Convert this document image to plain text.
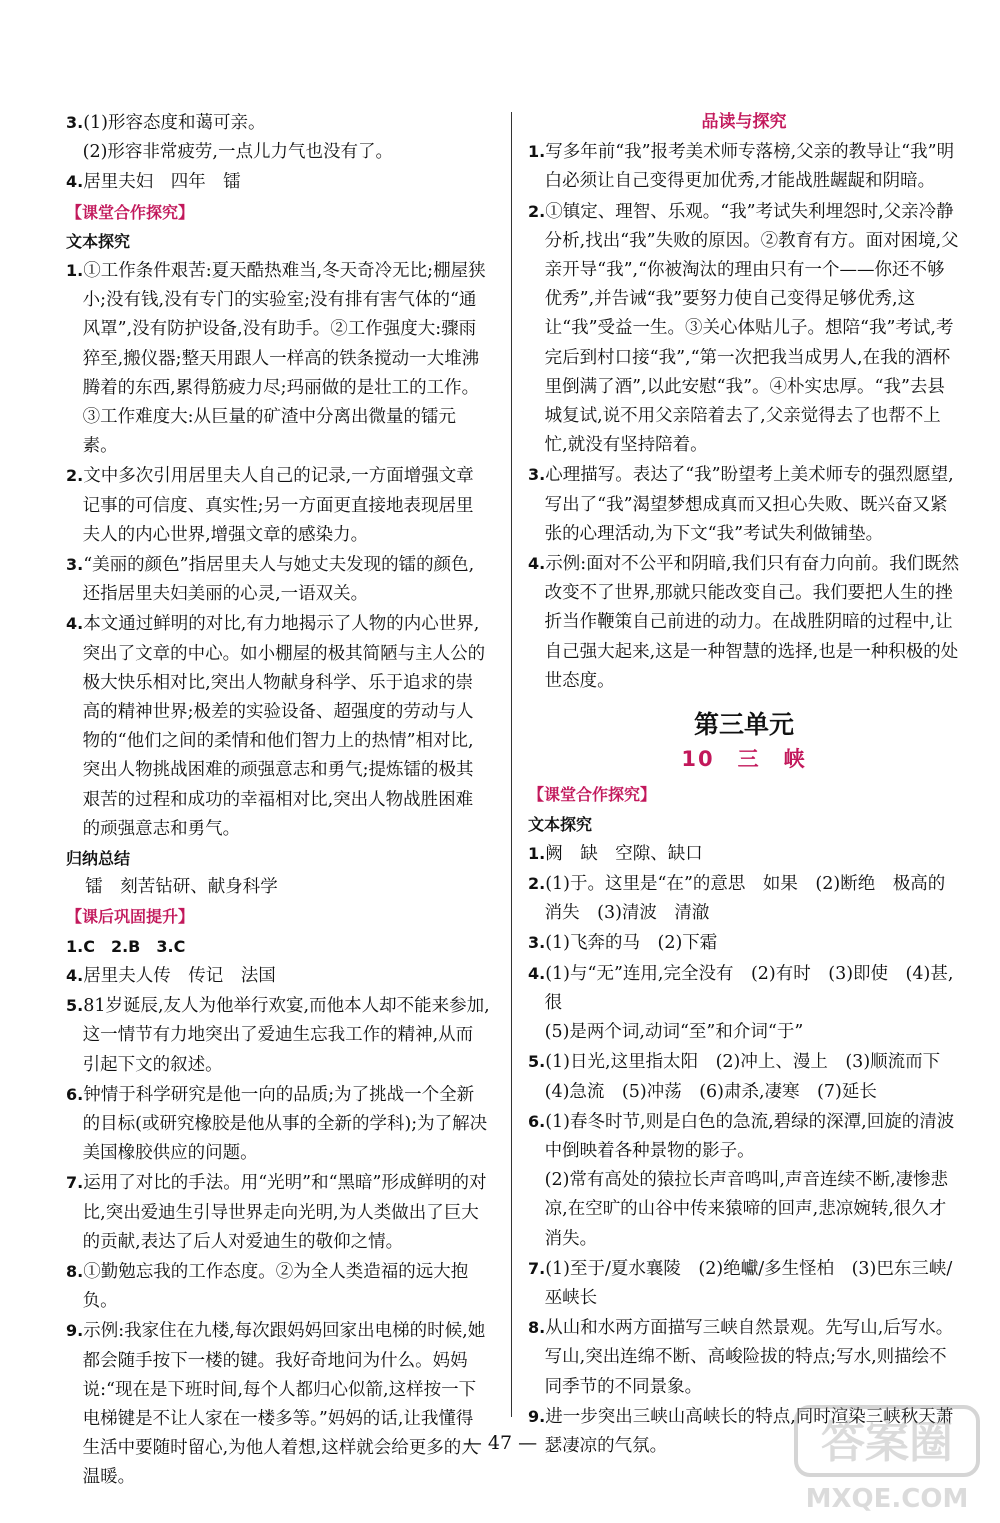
3.(1)形容态度和蔼可亲。

(2)形容非常疲劳,一点儿力气也没有了。

4.居里夫妇　四年　镭

【课堂合作探究】

文本探究

1.①工作条件艰苦:夏天酷热难当,冬天奇冷无比;棚屋狭小;没有钱,没有专门的实验室;没有排有害气体的“通风罩”,没有防护设备,没有助手。②工作强度大:骤雨猝至,搬仪器;整天用跟人一样高的铁条搅动一大堆沸腾着的东西,累得筋疲力尽;玛丽做的是壮工的工作。③工作难度大:从巨量的矿渣中分离出微量的镭元素。

2.文中多次引用居里夫人自己的记录,一方面增强文章记事的可信度、真实性;另一方面更直接地表现居里夫人的内心世界,增强文章的感染力。

3.“美丽的颜色”指居里夫人与她丈夫发现的镭的颜色,还指居里夫妇美丽的心灵,一语双关。

4.本文通过鲜明的对比,有力地揭示了人物的内心世界,突出了文章的中心。如小棚屋的极其简陋与主人公的极大快乐相对比,突出人物献身科学、乐于追求的崇高的精神世界;极差的实验设备、超强度的劳动与人物的“他们之间的柔情和他们智力上的热情”相对比,突出人物挑战困难的顽强意志和勇气;提炼镭的极其艰苦的过程和成功的幸福相对比,突出人物战胜困难的顽强意志和勇气。

归纳总结

镭　刻苦钻研、献身科学

【课后巩固提升】

1.C　2.B　3.C

4.居里夫人传　传记　法国

5.81岁诞辰,友人为他举行欢宴,而他本人却不能来参加,这一情节有力地突出了爱迪生忘我工作的精神,从而引起下文的叙述。

6.钟情于科学研究是他一向的品质;为了挑战一个全新的目标(或研究橡胶是他从事的全新的学科);为了解决美国橡胶供应的问题。

7.运用了对比的手法。用“光明”和“黑暗”形成鲜明的对比,突出爱迪生引导世界走向光明,为人类做出了巨大的贡献,表达了后人对爱迪生的敬仰之情。

8.①勤勉忘我的工作态度。②为全人类造福的远大抱负。

9.示例:我家住在九楼,每次跟妈妈回家出电梯的时候,她都会随手按下一楼的键。我好奇地问为什么。妈妈说:“现在是下班时间,每个人都归心似箭,这样按一下电梯键是不让人家在一楼多等。”妈妈的话,让我懂得生活中要随时留心,为他人着想,这样就会给更多的人温暖。

品读与探究

1.写多年前“我”报考美术师专落榜,父亲的教导让“我”明白必须让自己变得更加优秀,才能战胜龌龊和阴暗。

2.①镇定、理智、乐观。“我”考试失利埋怨时,父亲冷静分析,找出“我”失败的原因。②教育有方。面对困境,父亲开导“我”,“你被淘汰的理由只有一个——你还不够优秀”,并告诫“我”要努力使自己变得足够优秀,这让“我”受益一生。③关心体贴儿子。想陪“我”考试,考完后到村口接“我”,“第一次把我当成男人,在我的酒杯里倒满了酒”,以此安慰“我”。④朴实忠厚。“我”去县城复试,说不用父亲陪着去了,父亲觉得去了也帮不上忙,就没有坚持陪着。

3.心理描写。表达了“我”盼望考上美术师专的强烈愿望,写出了“我”渴望梦想成真而又担心失败、既兴奋又紧张的心理活动,为下文“我”考试失利做铺垫。

4.示例:面对不公平和阴暗,我们只有奋力向前。我们既然改变不了世界,那就只能改变自己。我们要把人生的挫折当作鞭策自己前进的动力。在战胜阴暗的过程中,让自己强大起来,这是一种智慧的选择,也是一种积极的处世态度。

第三单元

10　三　峡

【课堂合作探究】

文本探究

1.阙　缺　空隙、缺口

2.(1)于。这里是“在”的意思　如果　(2)断绝　极高的　消失　(3)清波　清澈

3.(1)飞奔的马　(2)下霜

4.(1)与“无”连用,完全没有　(2)有时　(3)即使　(4)甚,很

(5)是两个词,动词“至”和介词“于”

5.(1)日光,这里指太阳　(2)冲上、漫上　(3)顺流而下

(4)急流　(5)冲荡　(6)肃杀,凄寒　(7)延长

6.(1)春冬时节,则是白色的急流,碧绿的深潭,回旋的清波中倒映着各种景物的影子。

(2)常有高处的猿拉长声音鸣叫,声音连续不断,凄惨悲凉,在空旷的山谷中传来猿啼的回声,悲凉婉转,很久才消失。

7.(1)至于/夏水襄陵　(2)绝巘/多生怪柏　(3)巴东三峡/巫峡长

8.从山和水两方面描写三峡自然景观。先写山,后写水。写山,突出连绵不断、高峻险拔的特点;写水,则描绘不同季节的不同景象。

9.进一步突出三峡山高峡长的特点,同时渲染三峡秋天萧瑟凄凉的气氛。

— 47 —	答案圈
MXQE.COM
